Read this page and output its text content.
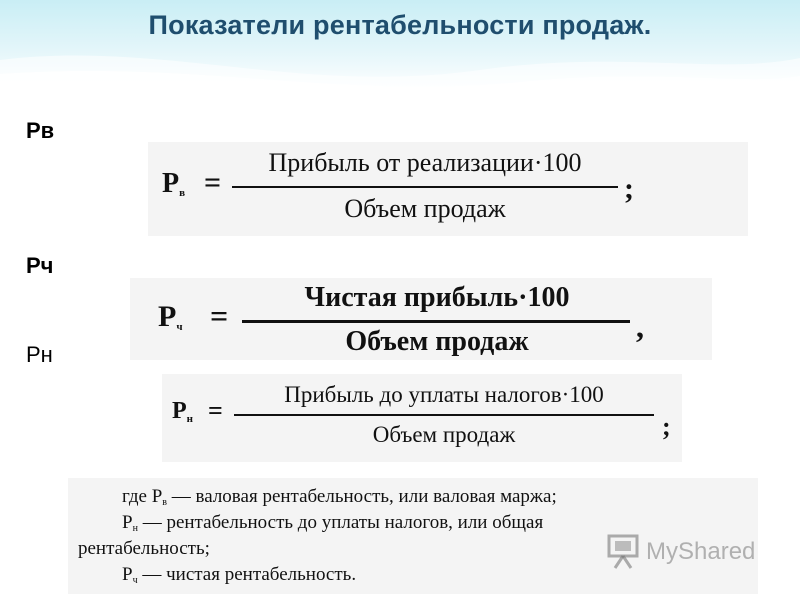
Показатели рентабельности продаж.
Рв
Рч
Рн
$Р_в$ =
Прибыль от реализации·100
Объем продаж
;
$Р_ч$ =
Чистая прибыль·100
Объем продаж	,
$Р_н$ =
Прибыль до уплаты налогов·100
Объем продаж	;
где $Р_в$ — валовая рентабельность, или валовая маржа;
$Р_н$ — рентабельность до уплаты налогов, или общая
рентабельность;
$Р_ч$ — чистая рентабельность.
MyShared
